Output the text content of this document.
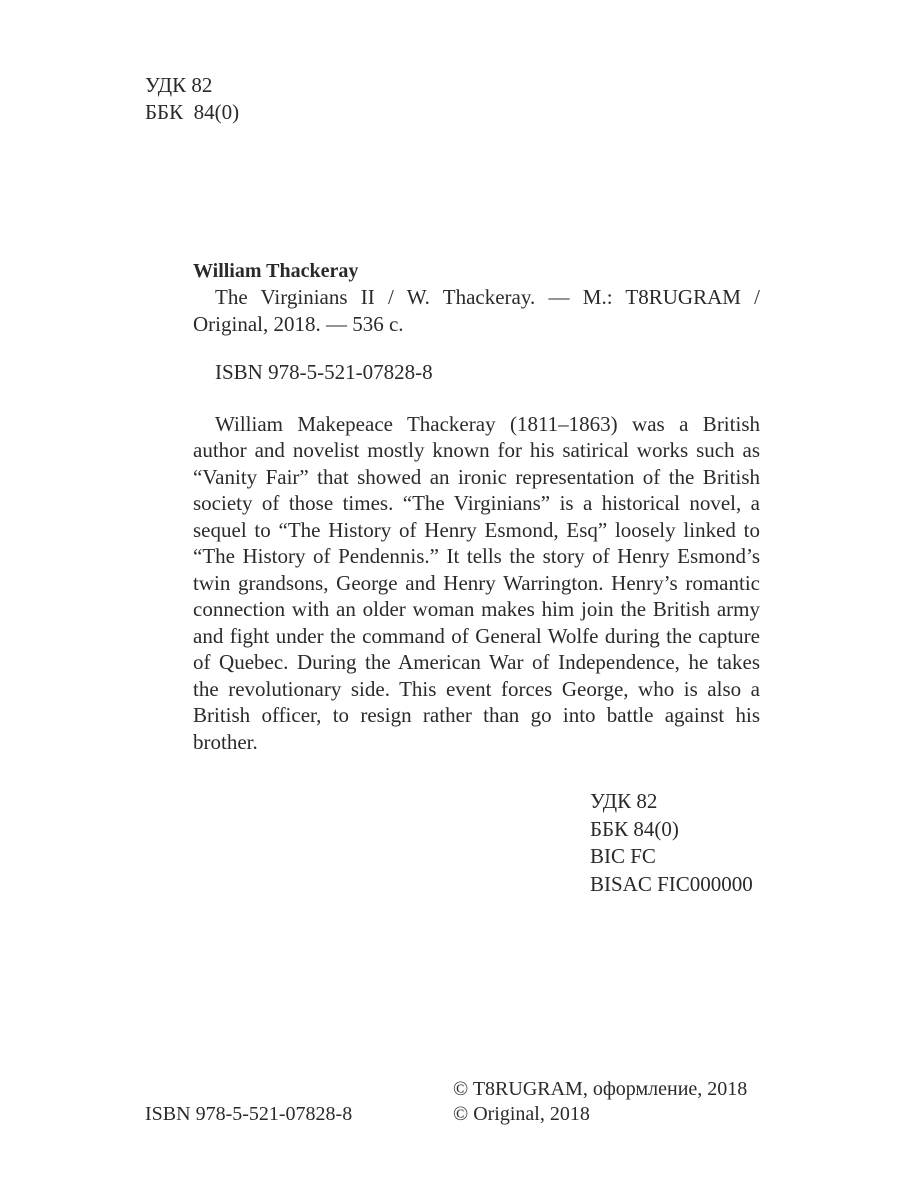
УДК 82
ББК  84(0)
William Thackeray
The Virginians II / W. Thackeray. — M.: T8RUGRAM /
Original, 2018. — 536 c.
ISBN 978-5-521-07828-8

William Makepeace Thackeray (1811–1863) was a British author and novelist mostly known for his satirical works such as “Vanity Fair” that showed an ironic representation of the British society of those times. “The Virginians” is a historical novel, a sequel to “The History of Henry Esmond, Esq” loosely linked to “The History of Pendennis.” It tells the story of Henry Esmond’s twin grandsons, George and Henry Warrington. Henry’s romantic connection with an older woman makes him join the British army and fight under the command of General Wolfe during the capture of Quebec. During the American War of Independence, he takes the revolutionary side. This event forces George, who is also a British officer, to resign rather than go into battle against his brother.

УДК 82
ББК 84(0)
BIC FC
BISAC FIC000000
ISBN 978-5-521-07828-8
© T8RUGRAM, оформление, 2018
© Original, 2018
